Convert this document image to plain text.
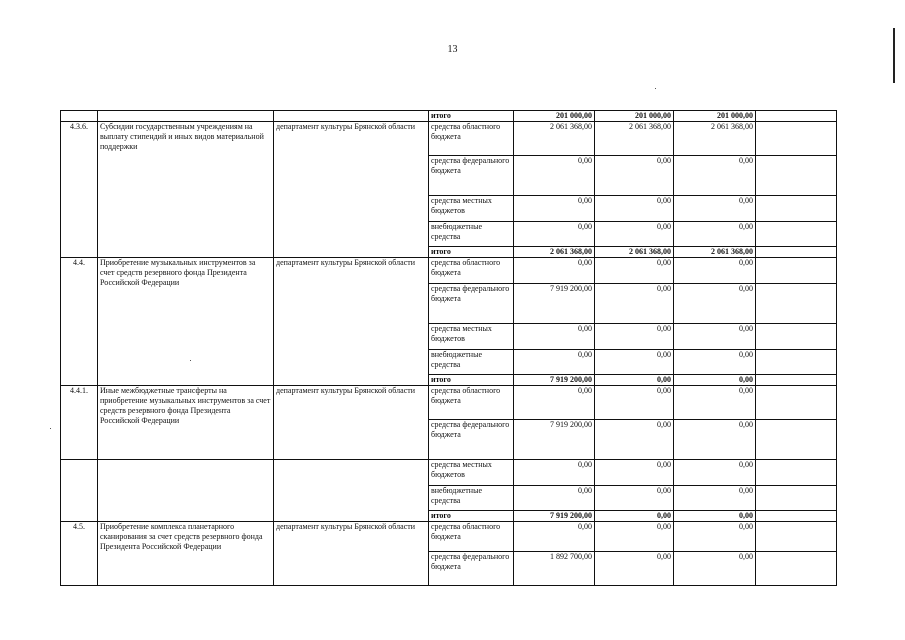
13
			итого	201 000,00	201 000,00	201 000,00	
4.3.6.	Субсидии государственным учреждениям на выплату стипендий и иных видов материальной поддержки	департамент культуры Брянской области	средства областного бюджета	2 061 368,00	2 061 368,00	2 061 368,00	
			средства федерального бюджета	0,00	0,00	0,00	
			средства местных бюджетов	0,00	0,00	0,00	
			внебюджетные средства	0,00	0,00	0,00	
			итого	2 061 368,00	2 061 368,00	2 061 368,00	
4.4.	Приобретение музыкальных инструментов за счет средств резервного фонда Президента Российской Федерации	департамент культуры Брянской области	средства областного бюджета	0,00	0,00	0,00	
			средства федерального бюджета	7 919 200,00	0,00	0,00	
			средства местных бюджетов	0,00	0,00	0,00	
			внебюджетные средства	0,00	0,00	0,00	
			итого	7 919 200,00	0,00	0,00	
4.4.1.	Иные межбюджетные трансферты на приобретение музыкальных инструментов за счет средств резервного фонда Президента Российской Федерации	департамент культуры Брянской области	средства областного бюджета	0,00	0,00	0,00	
			средства федерального бюджета	7 919 200,00	0,00	0,00	
			средства местных бюджетов	0,00	0,00	0,00	
			внебюджетные средства	0,00	0,00	0,00	
			итого	7 919 200,00	0,00	0,00	
4.5.	Приобретение комплекса планетарного сканирования за счет средств резервного фонда Президента Российской Федерации	департамент культуры Брянской области	средства областного бюджета	0,00	0,00	0,00	
			средства федерального бюджета	1 892 700,00	0,00	0,00	
